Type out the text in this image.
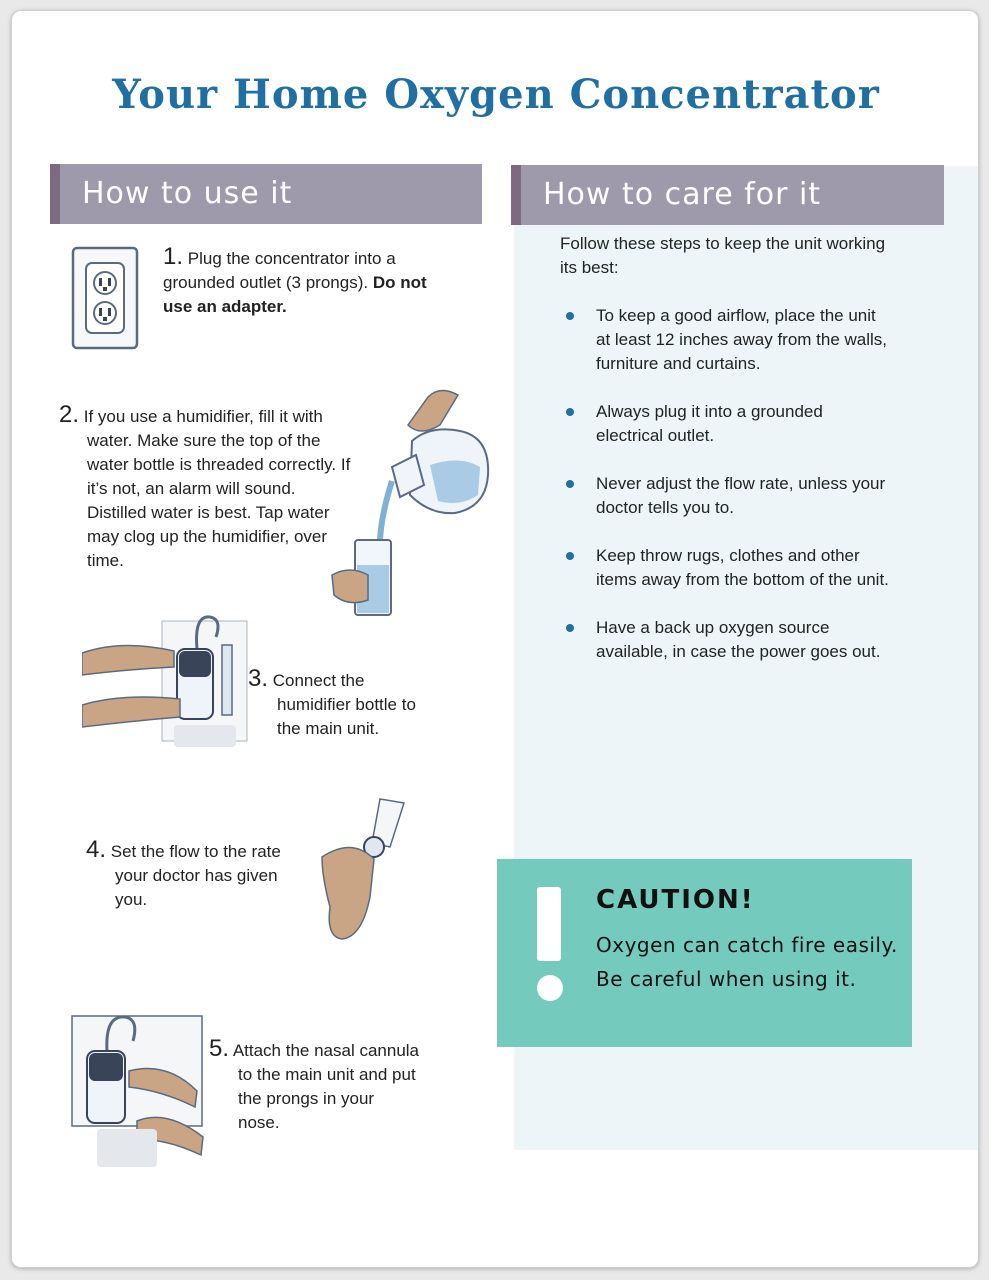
Your Home Oxygen Concentrator
How to use it
1. Plug the concentrator into a grounded outlet (3 prongs). Do not use an adapter.
2. If you use a humidifier, fill it with water. Make sure the top of the water bottle is threaded correctly. If it’s not, an alarm will sound. Distilled water is best. Tap water may clog up the humidifier, over time.
3. Connect the humidifier bottle to the main unit.
4. Set the flow to the rate your doctor has given you.
5. Attach the nasal cannula to the main unit and put the prongs in your nose.
How to care for it
Follow these steps to keep the unit working its best:
To keep a good airflow, place the unit at least 12 inches away from the walls, furniture and curtains.
Always plug it into a grounded electrical outlet.
Never adjust the flow rate, unless your doctor tells you to.
Keep throw rugs, clothes and other items away from the bottom of the unit.
Have a back up oxygen source available, in case the power goes out.
CAUTION!
Oxygen can catch fire easily.
Be careful when using it.
